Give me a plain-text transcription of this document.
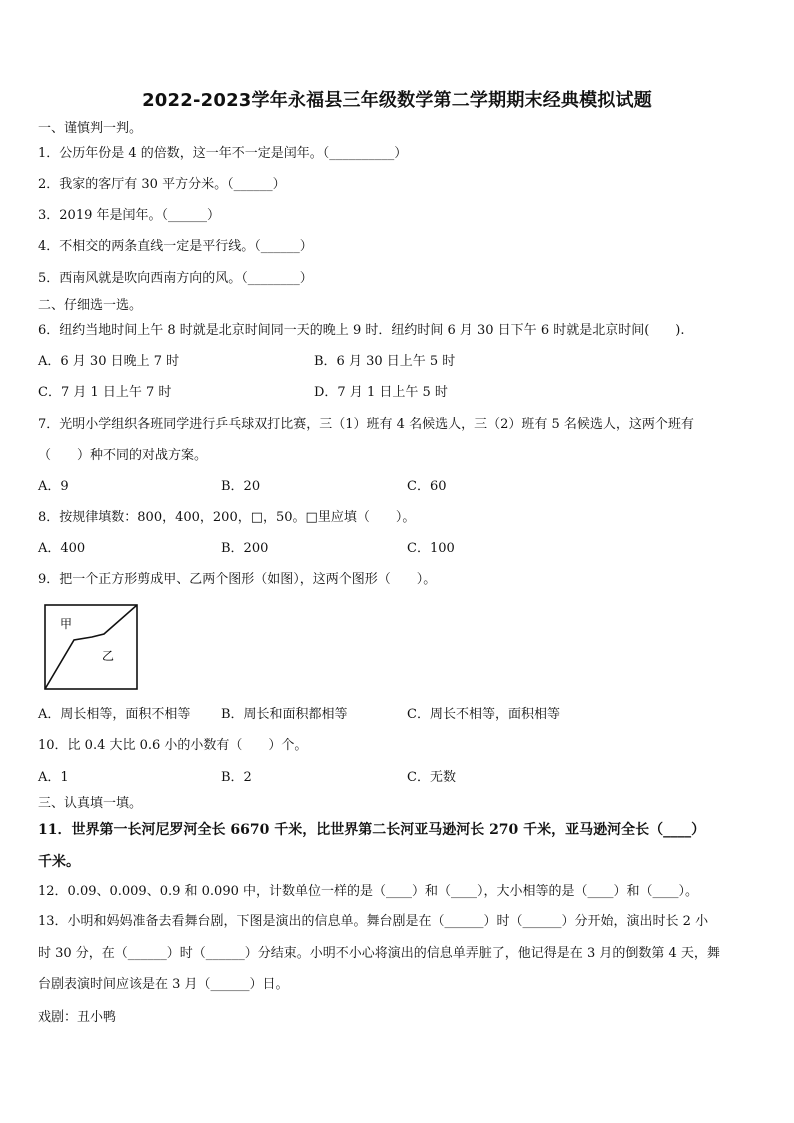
2022-2023学年永福县三年级数学第二学期期末经典模拟试题
一、谨慎判一判。
1．公历年份是 4 的倍数，这一年不一定是闰年。（__________）
2．我家的客厅有 30 平方分米。（______）
3．2019 年是闰年。（______）
4．不相交的两条直线一定是平行线。（______）
5．西南风就是吹向西南方向的风。（________）
二、仔细选一选。
6．纽约当地时间上午 8 时就是北京时间同一天的晚上 9 时．纽约时间 6 月 30 日下午 6 时就是北京时间(　　).
A．6 月 30 日晚上 7 时	B．6 月 30 日上午 5 时
C．7 月 1 日上午 7 时	D．7 月 1 日上午 5 时
7．光明小学组织各班同学进行乒乓球双打比赛，三（1）班有 4 名候选人，三（2）班有 5 名候选人，这两个班有
（　　）种不同的对战方案。
A．9	B．20	C．60
8．按规律填数：800，400，200，□，50。□里应填（　　）。
A．400	B．200	C．100
9．把一个正方形剪成甲、乙两个图形（如图），这两个图形（　　）。
甲
乙
A．周长相等，面积不相等 B．周长和面积都相等	C．周长不相等，面积相等
10．比 0.4 大比 0.6 小的小数有（　　）个。
A．1	B．2	C．无数
三、认真填一填。
11．世界第一长河尼罗河全长 6670 千米，比世界第二长河亚马逊河长 270 千米，亚马逊河全长（____）
千米。
12．0.09、0.009、0.9 和 0.090 中，计数单位一样的是（____）和（____），大小相等的是（____）和（____）。
13．小明和妈妈准备去看舞台剧，下图是演出的信息单。舞台剧是在（______）时（______）分开始，演出时长 2 小
时 30 分，在（______）时（______）分结束。小明不小心将演出的信息单弄脏了，他记得是在 3 月的倒数第 4 天，舞
台剧表演时间应该是在 3 月（______）日。
戏剧：丑小鸭
